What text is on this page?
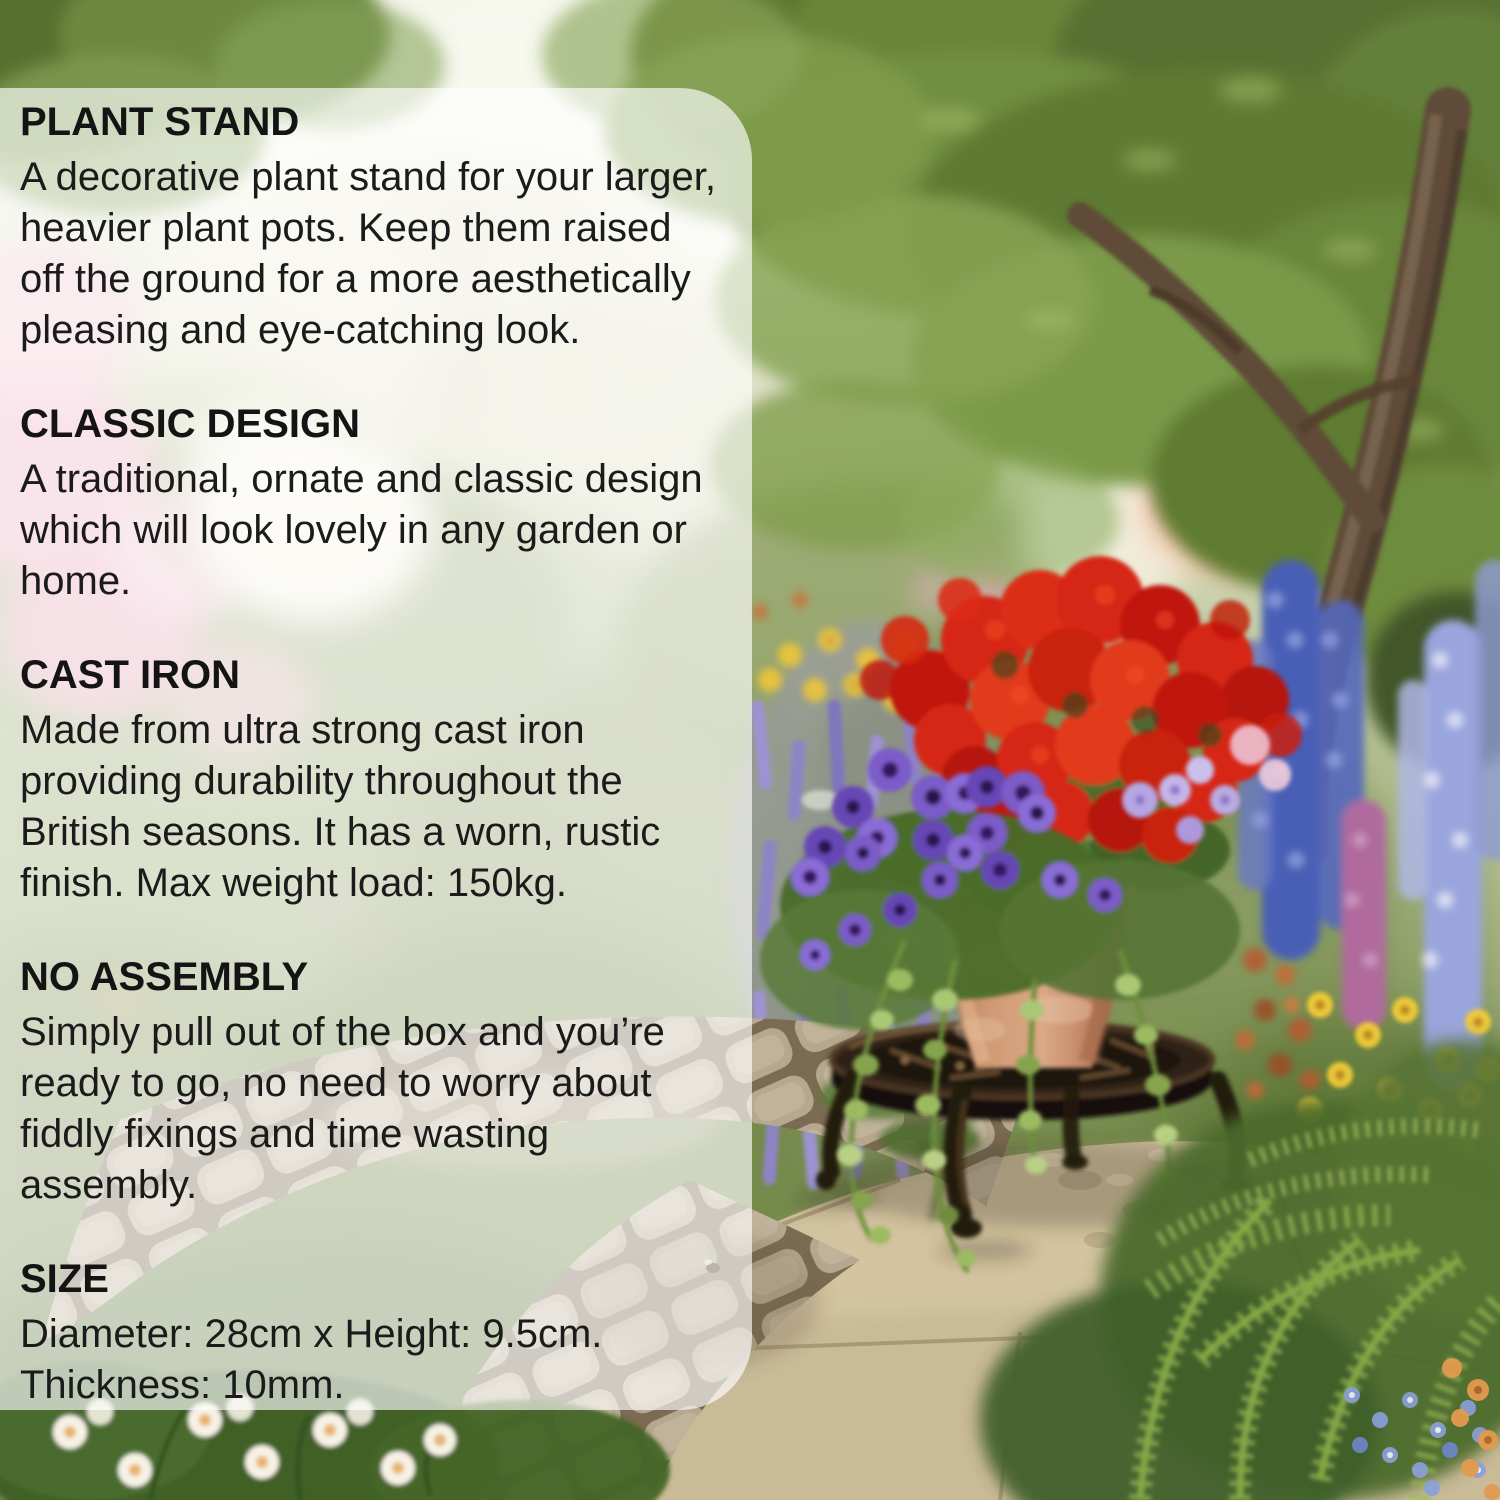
PLANT STAND

A decorative plant stand for your larger, heavier plant pots. Keep them raised off the ground for a more aesthetically pleasing and eye-catching look.

CLASSIC DESIGN

A traditional, ornate and classic design which will look lovely in any garden or home.

CAST IRON

Made from ultra strong cast iron providing durability throughout the British seasons. It has a worn, rustic finish. Max weight load: 150kg.

NO ASSEMBLY

Simply pull out of the box and you’re ready to go, no need to worry about fiddly fixings and time wasting assembly.

SIZE

Diameter: 28cm x Height: 9.5cm. Thickness: 10mm.
